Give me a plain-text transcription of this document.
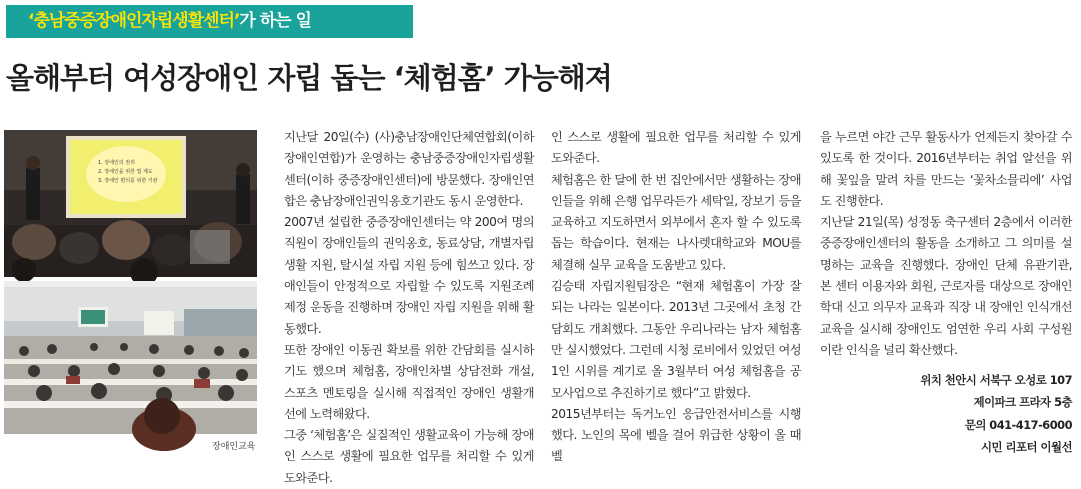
‘충남중증장애인자립생활센터’가 하는 일
올해부터 여성장애인 자립 돕는 ‘체험홈’ 가능해져
1. 장애인의 권리
2. 장애인을 위한 법 제도
3. 장애인 편의를 위한 기관
장애인교육

지난달 20일(수) (사)충남장애인단체연합회(이하 장애인연합)가 운영하는 충남중증장애인자립생활센터(이하 중증장애인센터)에 방문했다. 장애인연합은 충남장애인권익옹호기관도 동시 운영한다.

2007년 설립한 중증장애인센터는 약 200여 명의 직원이 장애인들의 권익옹호, 동료상담, 개별자립생활 지원, 탈시설 자립 지원 등에 힘쓰고 있다. 장애인들이 안정적으로 자립할 수 있도록 지원조례 제정 운동을 진행하며 장애인 자립 지원을 위해 활동했다.

또한 장애인 이동권 확보를 위한 간담회를 실시하기도 했으며 체험홈, 장애인차별 상담전화 개설, 스포츠 멘토링을 실시해 직접적인 장애인 생활개선에 노력해왔다.

그중 ‘체험홈’은 실질적인 생활교육이 가능해 장애인 스스로 생활에 필요한 업무를 처리할 수 있게 도와준다.

인 스스로 생활에 필요한 업무를 처리할 수 있게 도와준다.

체험홈은 한 달에 한 번 집안에서만 생활하는 장애인들을 위해 은행 업무라든가 세탁일, 장보기 등을 교육하고 지도하면서 외부에서 혼자 할 수 있도록 돕는 학습이다. 현재는 나사렛대학교와 MOU를 체결해 실무 교육을 도움받고 있다.

김승태 자립지원팀장은 “현재 체험홈이 가장 잘 되는 나라는 일본이다. 2013년 그곳에서 초청 간담회도 개최했다. 그동안 우리나라는 남자 체험홈만 실시했었다. 그런데 시청 로비에서 있었던 여성 1인 시위를 계기로 올 3월부터 여성 체험홈을 공모사업으로 추진하기로 했다”고 밝혔다.

2015년부터는 독거노인 응급안전서비스를 시행했다. 노인의 목에 벨을 걸어 위급한 상황이 올 때 벨

을 누르면 야간 근무 활동사가 언제든지 찾아갈 수 있도록 한 것이다. 2016년부터는 취업 알선을 위해 꽃잎을 말려 차를 만드는 ‘꽃차소믈리에’ 사업도 진행한다.

지난달 21일(목) 성정동 축구센터 2층에서 이러한 중증장애인센터의 활동을 소개하고 그 의미를 설명하는 교육을 진행했다. 장애인 단체 유관기관, 본 센터 이용자와 회원, 근로자를 대상으로 장애인 학대 신고 의무자 교육과 직장 내 장애인 인식개선 교육을 실시해 장애인도 엄연한 우리 사회 구성원이란 인식을 널리 확산했다.

위치 천안시 서북구 오성로 107
제이파크 프라자 5층
문의 041-417-6000
시민 리포터 이월선
